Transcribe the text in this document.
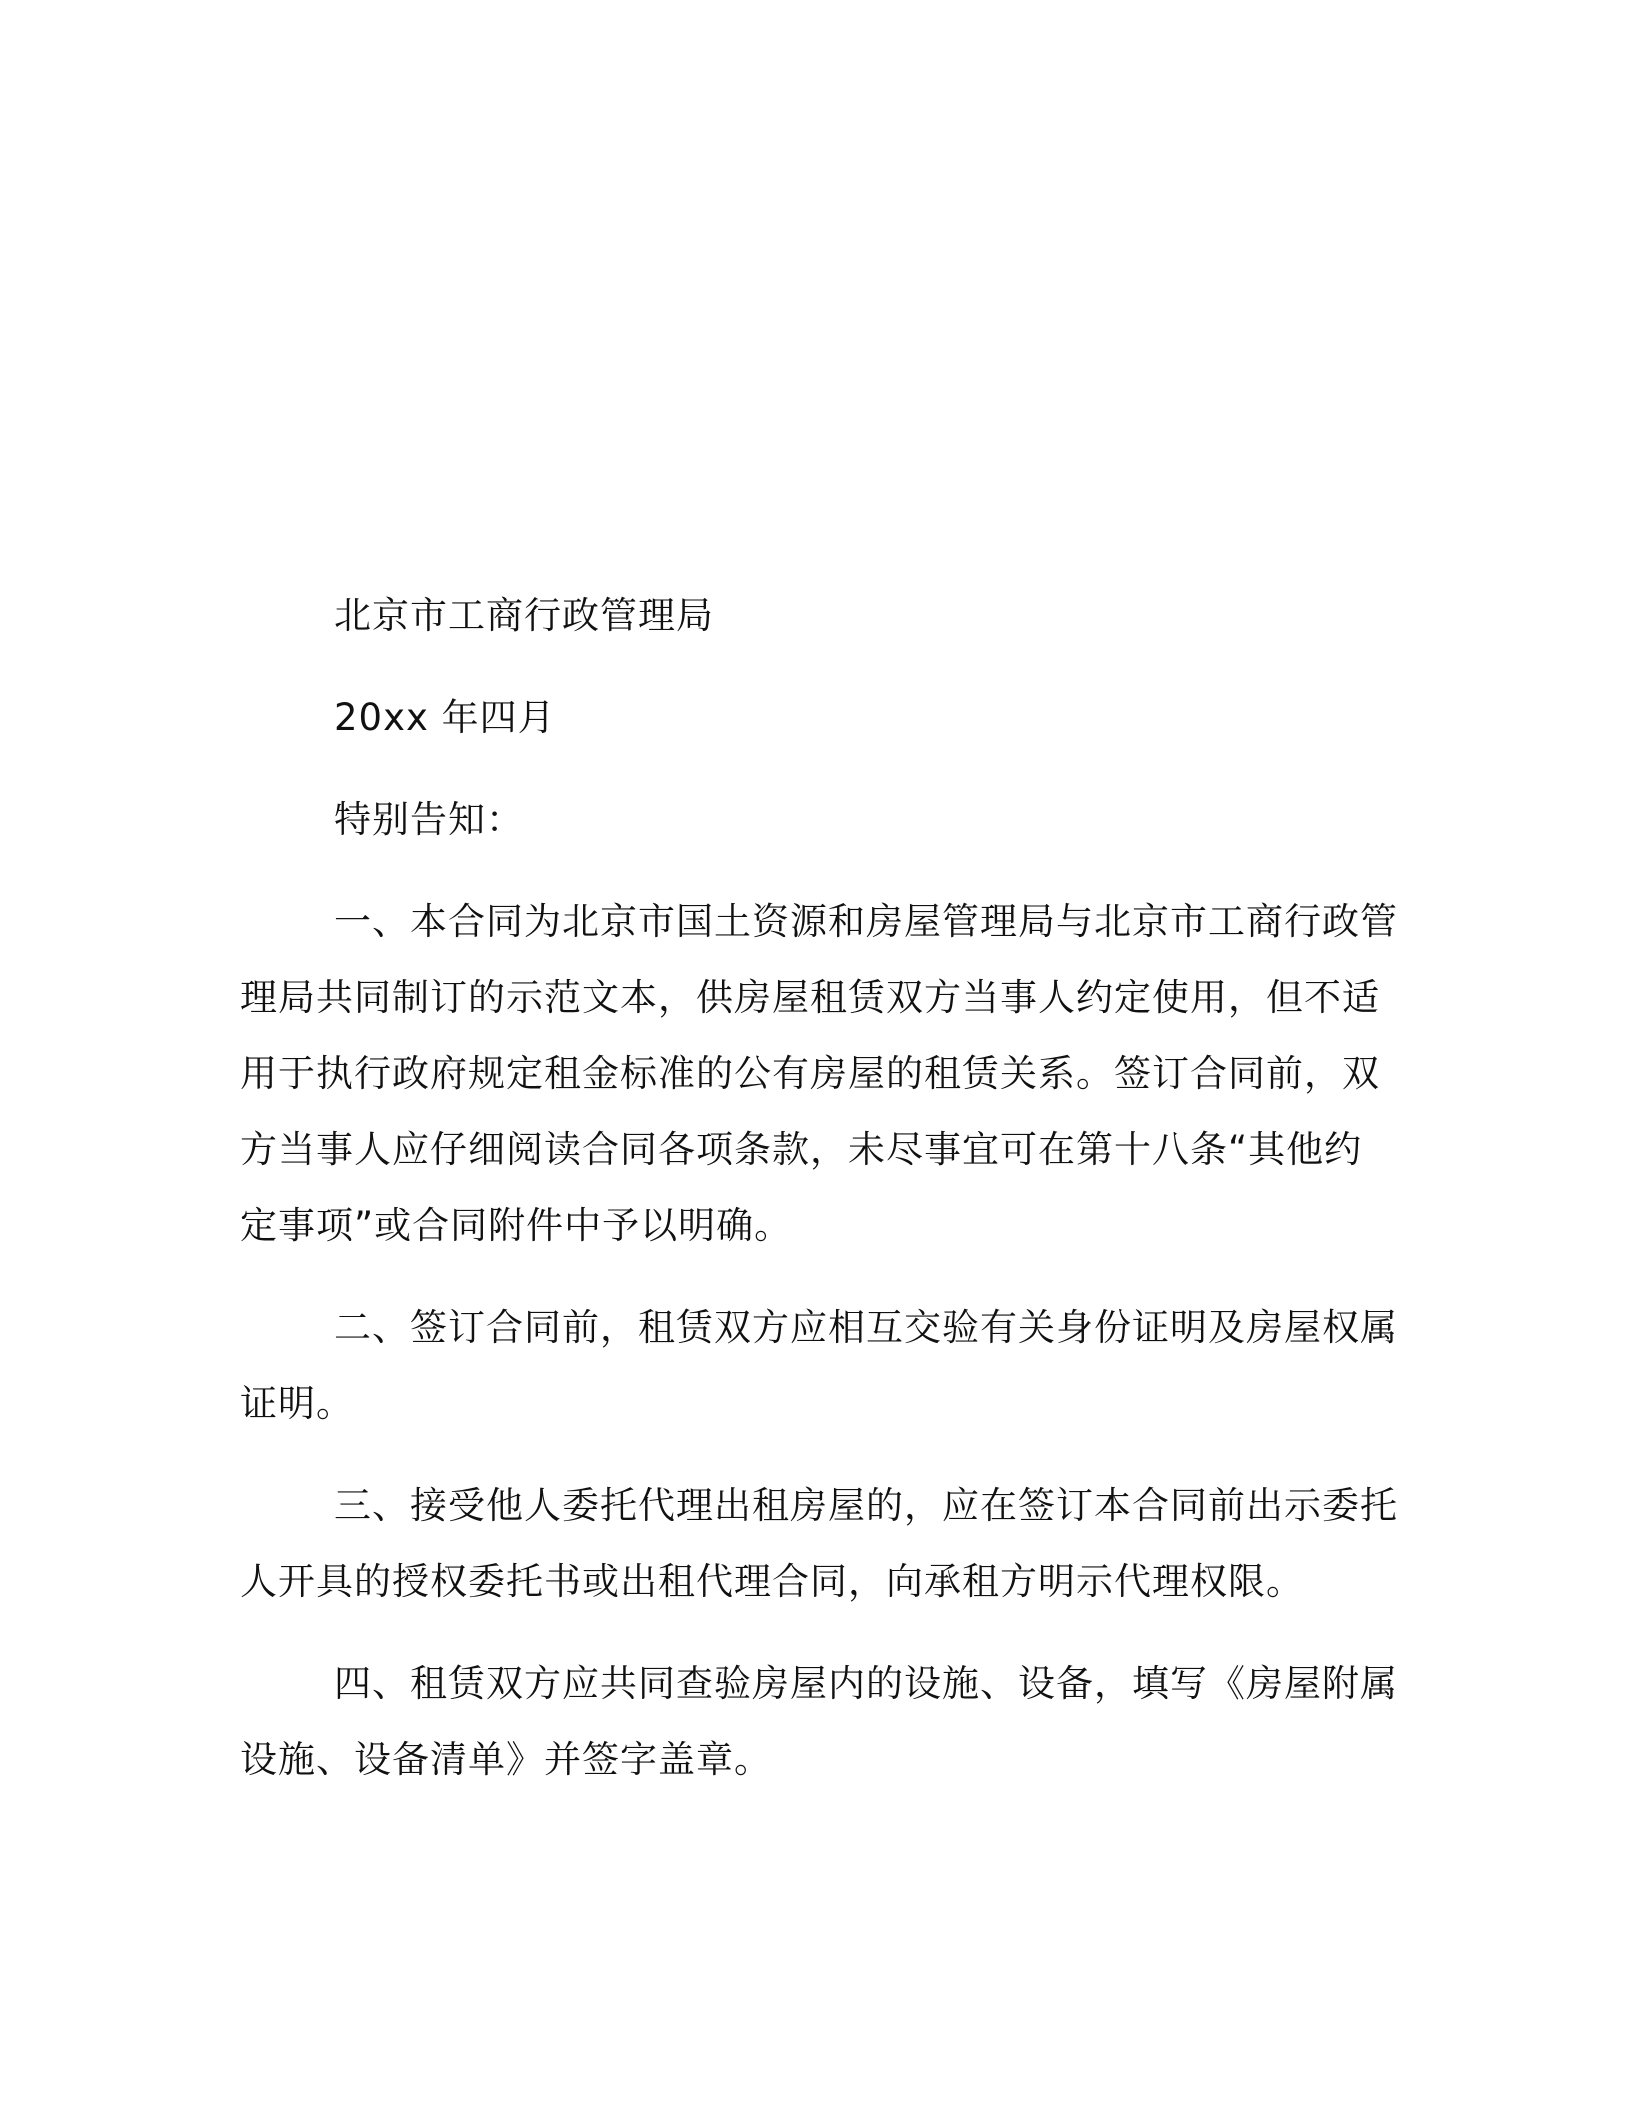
北京市工商行政管理局

20xx 年四月

特别告知：

一、本合同为北京市国土资源和房屋管理局与北京市工商行政管

理局共同制订的示范文本，供房屋租赁双方当事人约定使用，但不适

用于执行政府规定租金标准的公有房屋的租赁关系。签订合同前，双

方当事人应仔细阅读合同各项条款，未尽事宜可在第十八条“其他约

定事项”或合同附件中予以明确。

二、签订合同前，租赁双方应相互交验有关身份证明及房屋权属

证明。

三、接受他人委托代理出租房屋的，应在签订本合同前出示委托

人开具的授权委托书或出租代理合同，向承租方明示代理权限。

四、租赁双方应共同查验房屋内的设施、设备，填写《房屋附属

设施、设备清单》并签字盖章。
